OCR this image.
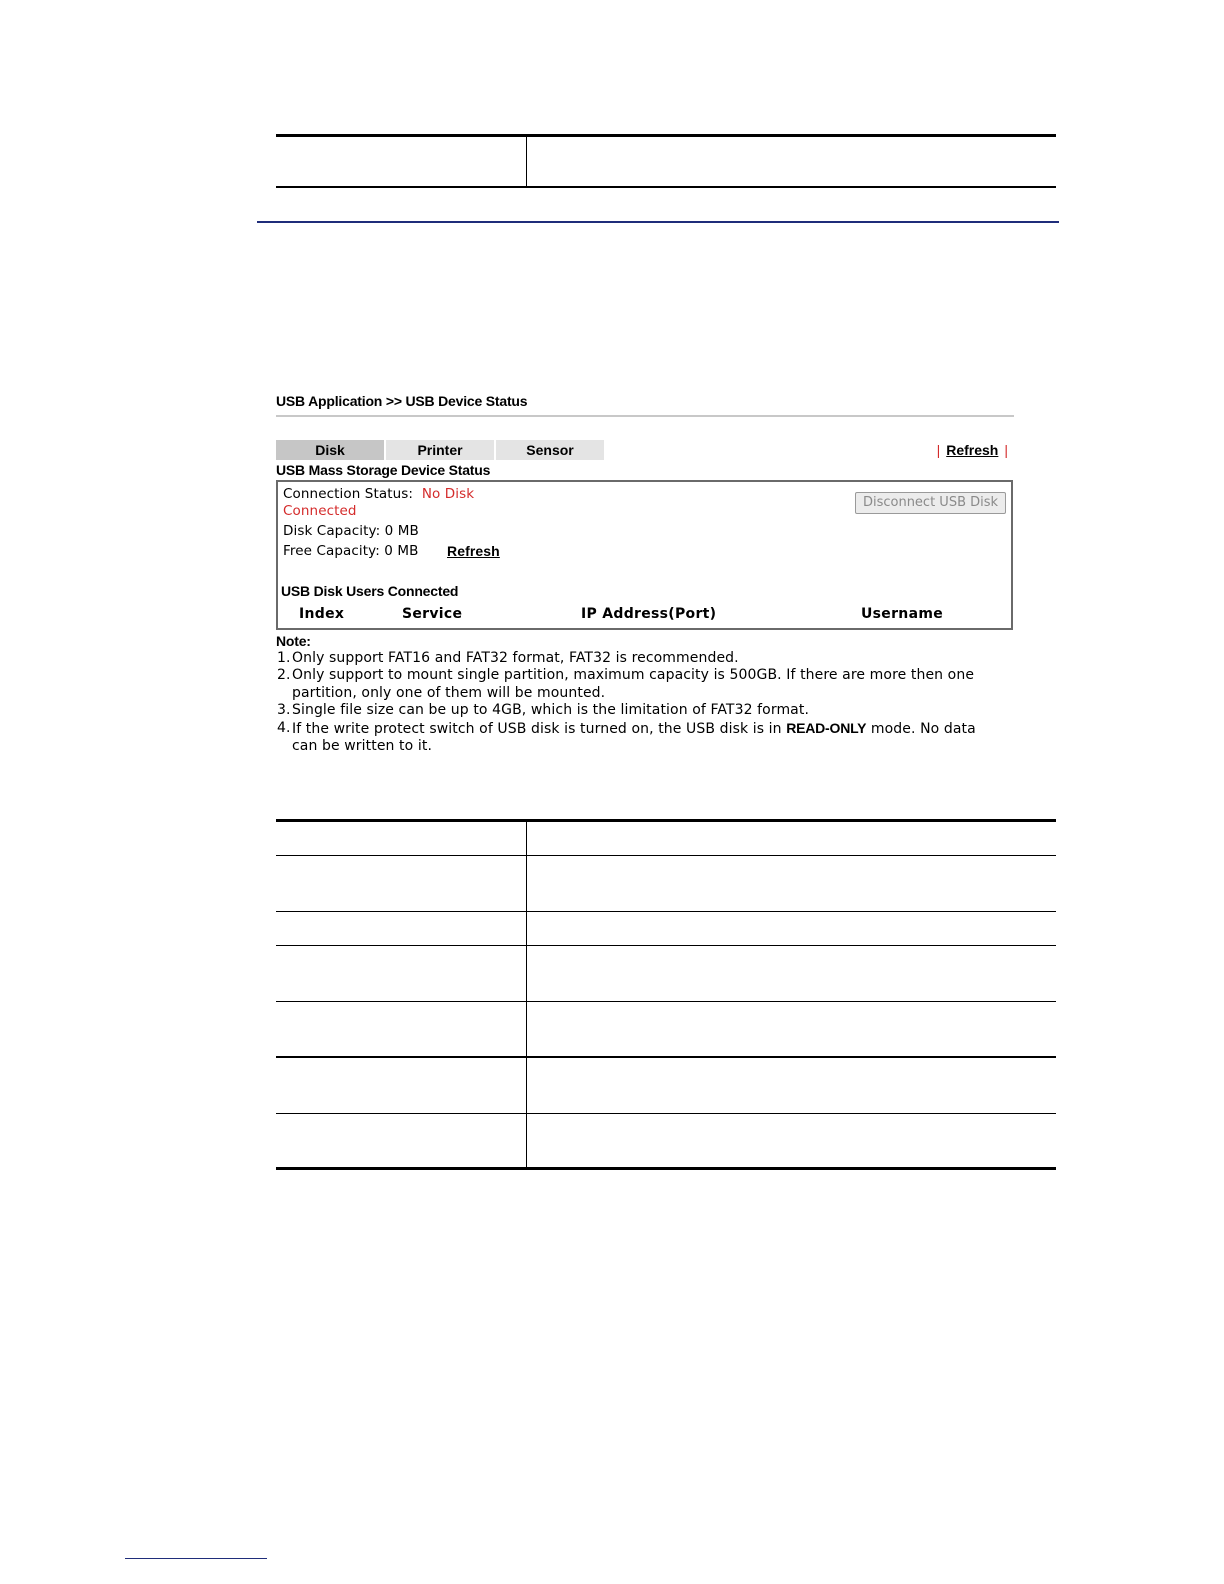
USB Application >> USB Device Status
Disk	Printer	Sensor	| Refresh |
USB Mass Storage Device Status
Connection Status: No Disk
Connected
Disk Capacity: 0 MB
Free Capacity: 0 MB Refresh
Disconnect USB Disk
USB Disk Users Connected
Index	Service	IP Address(Port)	Username
Note:
1. Only support FAT16 and FAT32 format, FAT32 is recommended.
2. Only support to mount single partition, maximum capacity is 500GB. If there are more then one
partition, only one of them will be mounted.
3. Single file size can be up to 4GB, which is the limitation of FAT32 format.
4. If the write protect switch of USB disk is turned on, the USB disk is in READ-ONLY mode. No data
can be written to it.
